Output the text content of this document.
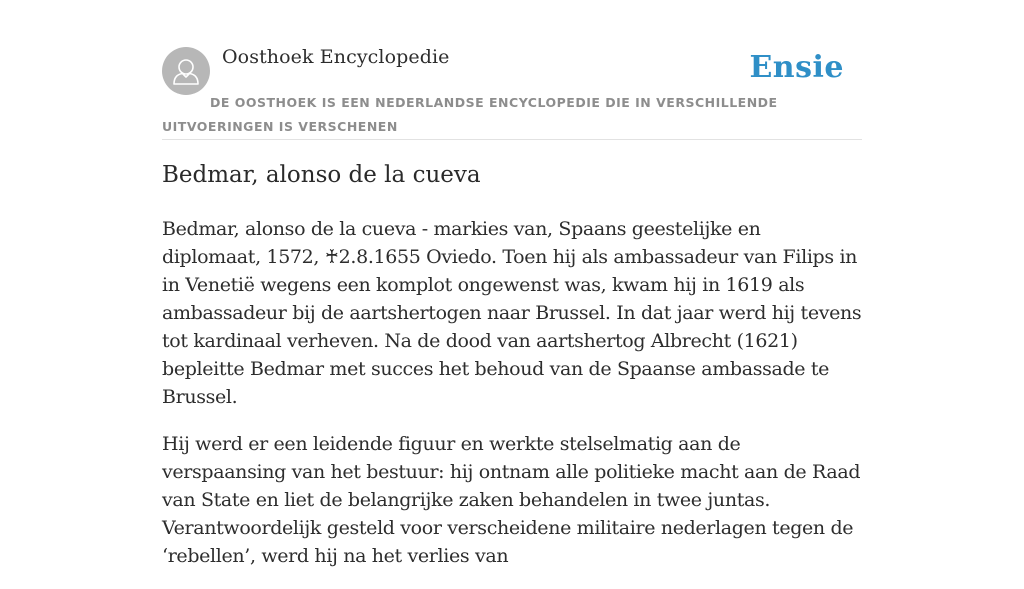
Oosthoek Encyclopedie	Ensie
DE OOSTHOEK IS EEN NEDERLANDSE ENCYCLOPEDIE DIE IN VERSCHILLENDE UITVOERINGEN IS VERSCHENEN
Bedmar, alonso de la cueva

Bedmar, alonso de la cueva - markies van, Spaans geestelijke en diplomaat, 1572, ♰2.8.1655 Oviedo. Toen hij als ambassadeur van Filips in in Venetië wegens een komplot ongewenst was, kwam hij in 1619 als ambassadeur bij de aartshertogen naar Brussel. In dat jaar werd hij tevens tot kardinaal verheven. Na de dood van aartshertog Albrecht (1621) bepleitte Bedmar met succes het behoud van de Spaanse ambassade te Brussel.

Hij werd er een leidende figuur en werkte stelselmatig aan de verspaansing van het bestuur: hij ontnam alle politieke macht aan de Raad van State en liet de belangrijke zaken behandelen in twee juntas. Verantwoordelijk gesteld voor verscheidene militaire nederlagen tegen de ‘rebellen’, werd hij na het verlies van
